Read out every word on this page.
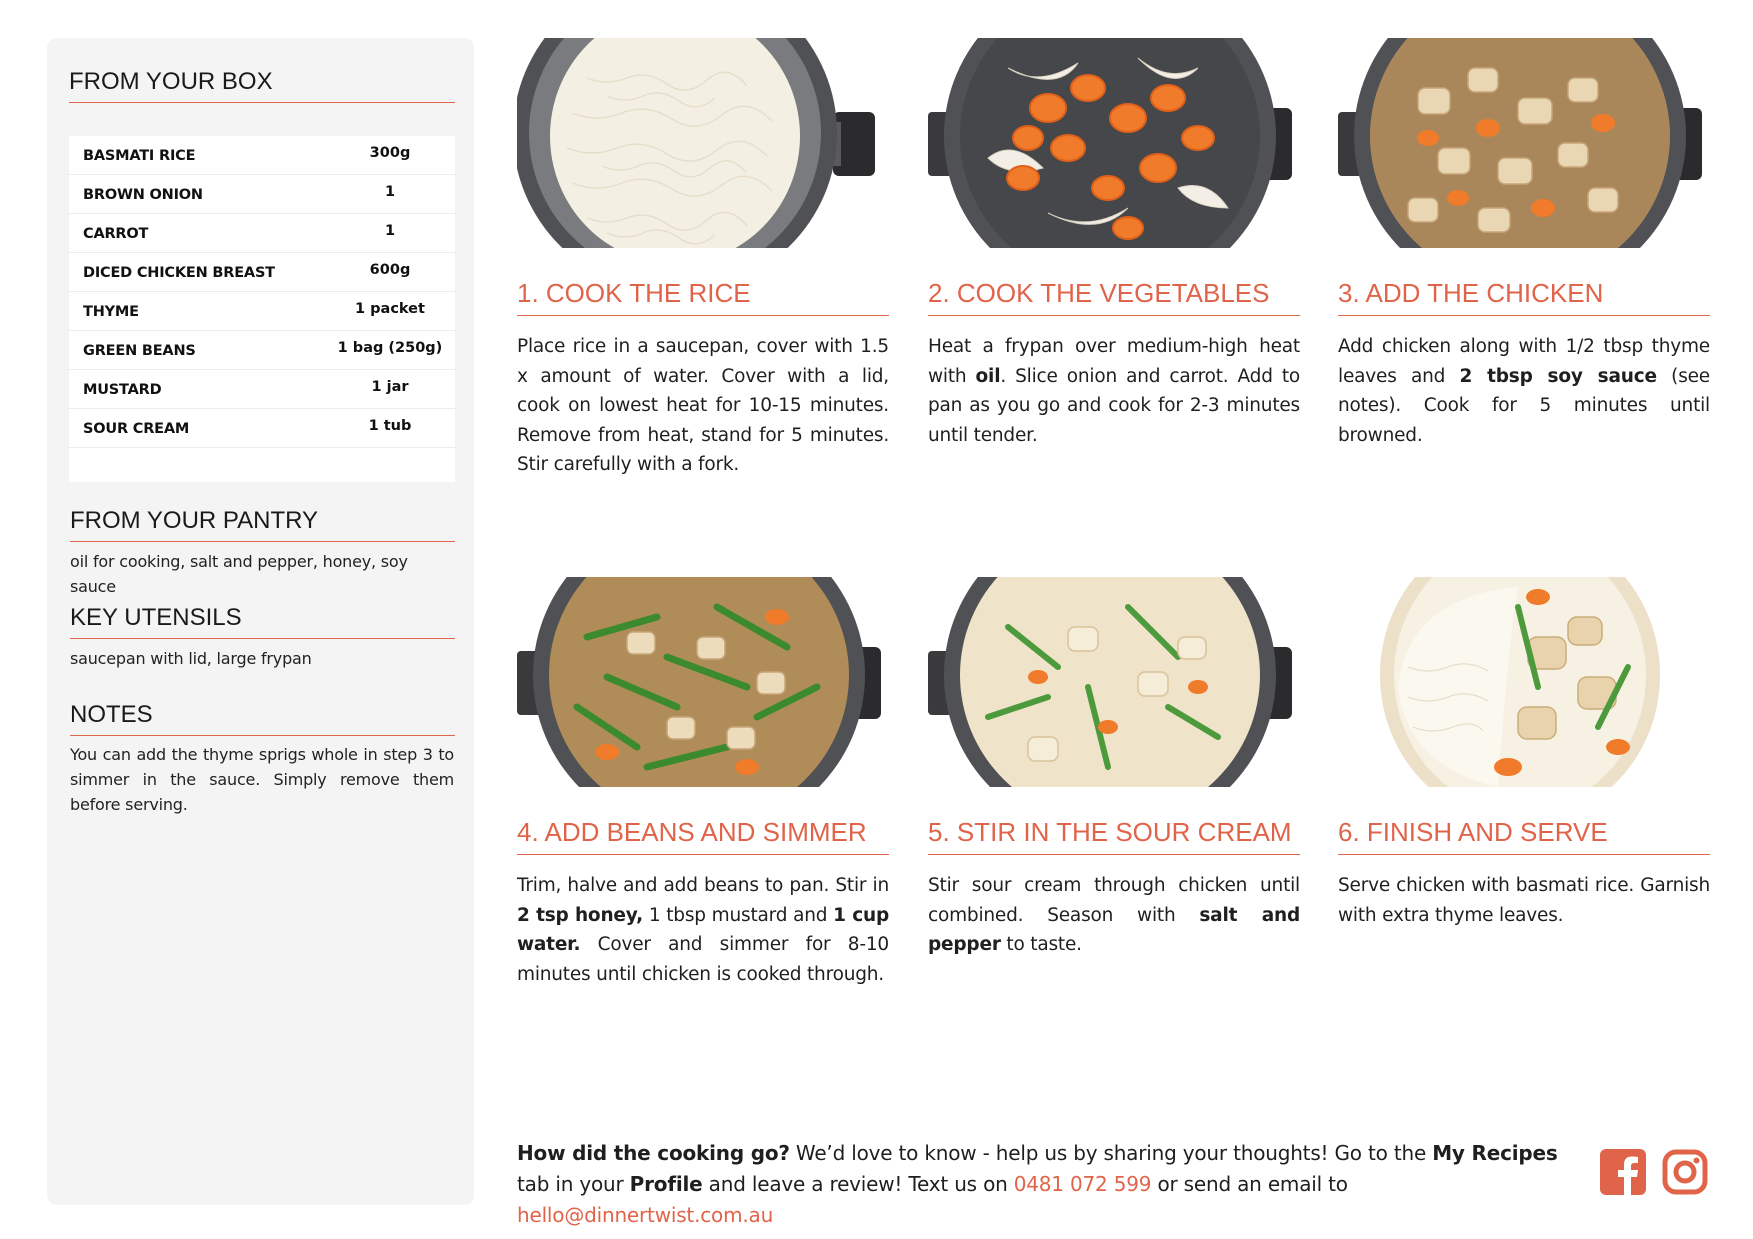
FROM YOUR BOX
BASMATI RICE	300g
BROWN ONION	1
CARROT	1
DICED CHICKEN BREAST	600g
THYME	1 packet
GREEN BEANS	1 bag (250g)
MUSTARD	1 jar
SOUR CREAM	1 tub
FROM YOUR PANTRY
oil for cooking, salt and pepper, honey, soy sauce
KEY UTENSILS
saucepan with lid, large frypan
NOTES
You can add the thyme sprigs whole in step 3 to simmer in the sauce. Simply remove them before serving.
1. COOK THE RICE
Place rice in a saucepan, cover with 1.5 x amount of water. Cover with a lid, cook on lowest heat for 10-15 minutes. Remove from heat, stand for 5 minutes. Stir carefully with a fork.
2. COOK THE VEGETABLES
Heat a frypan over medium-high heat with oil. Slice onion and carrot. Add to pan as you go and cook for 2-3 minutes until tender.
3. ADD THE CHICKEN
Add chicken along with 1/2 tbsp thyme leaves and 2 tbsp soy sauce (see notes). Cook for 5 minutes until browned.
4. ADD BEANS AND SIMMER
Trim, halve and add beans to pan. Stir in 2 tsp honey, 1 tbsp mustard and 1 cup water. Cover and simmer for 8-10 minutes until chicken is cooked through.
5. STIR IN THE SOUR CREAM
Stir sour cream through chicken until combined. Season with salt and pepper to taste.
6. FINISH AND SERVE
Serve chicken with basmati rice. Garnish with extra thyme leaves.
How did the cooking go? We’d love to know - help us by sharing your thoughts! Go to the My Recipes tab in your Profile and leave a review! Text us on 0481 072 599 or send an email to hello@dinnertwist.com.au
